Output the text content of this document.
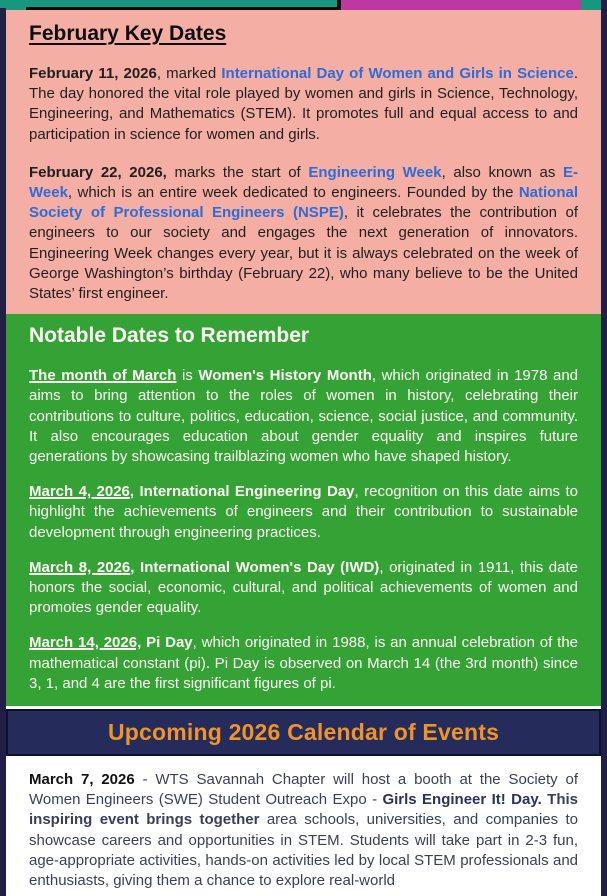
February Key Dates

February 11, 2026, marked International Day of Women and Girls in Science. The day honored the vital role played by women and girls in Science, Technology, Engineering, and Mathematics (STEM). It promotes full and equal access to and participation in science for women and girls.

February 22, 2026, marks the start of Engineering Week, also known as E-Week, which is an entire week dedicated to engineers. Founded by the National Society of Professional Engineers (NSPE), it celebrates the contribution of engineers to our society and engages the next generation of innovators. Engineering Week changes every year, but it is always celebrated on the week of George Washington’s birthday (February 22), who many believe to be the United States’ first engineer.

Notable Dates to Remember

The month of March is Women's History Month, which originated in 1978 and aims to bring attention to the roles of women in history, celebrating their contributions to culture, politics, education, science, social justice, and community. It also encourages education about gender equality and inspires future generations by showcasing trailblazing women who have shaped history.

March 4, 2026, International Engineering Day, recognition on this date aims to highlight the achievements of engineers and their contribution to sustainable development through engineering practices.

March 8, 2026, International Women's Day (IWD), originated in 1911, this date honors the social, economic, cultural, and political achievements of women and promotes gender equality.

March 14, 2026, Pi Day, which originated in 1988, is an annual celebration of the mathematical constant (pi). Pi Day is observed on March 14 (the 3rd month) since 3, 1, and 4 are the first significant figures of pi.

Upcoming 2026 Calendar of Events

March 7, 2026 - WTS Savannah Chapter will host a booth at the Society of Women Engineers (SWE) Student Outreach Expo - Girls Engineer It! Day. This inspiring event brings together area schools, universities, and companies to showcase careers and opportunities in STEM. Students will take part in 2-3 fun, age-appropriate activities, hands-on activities led by local STEM professionals and enthusiasts, giving them a chance to explore real-world
